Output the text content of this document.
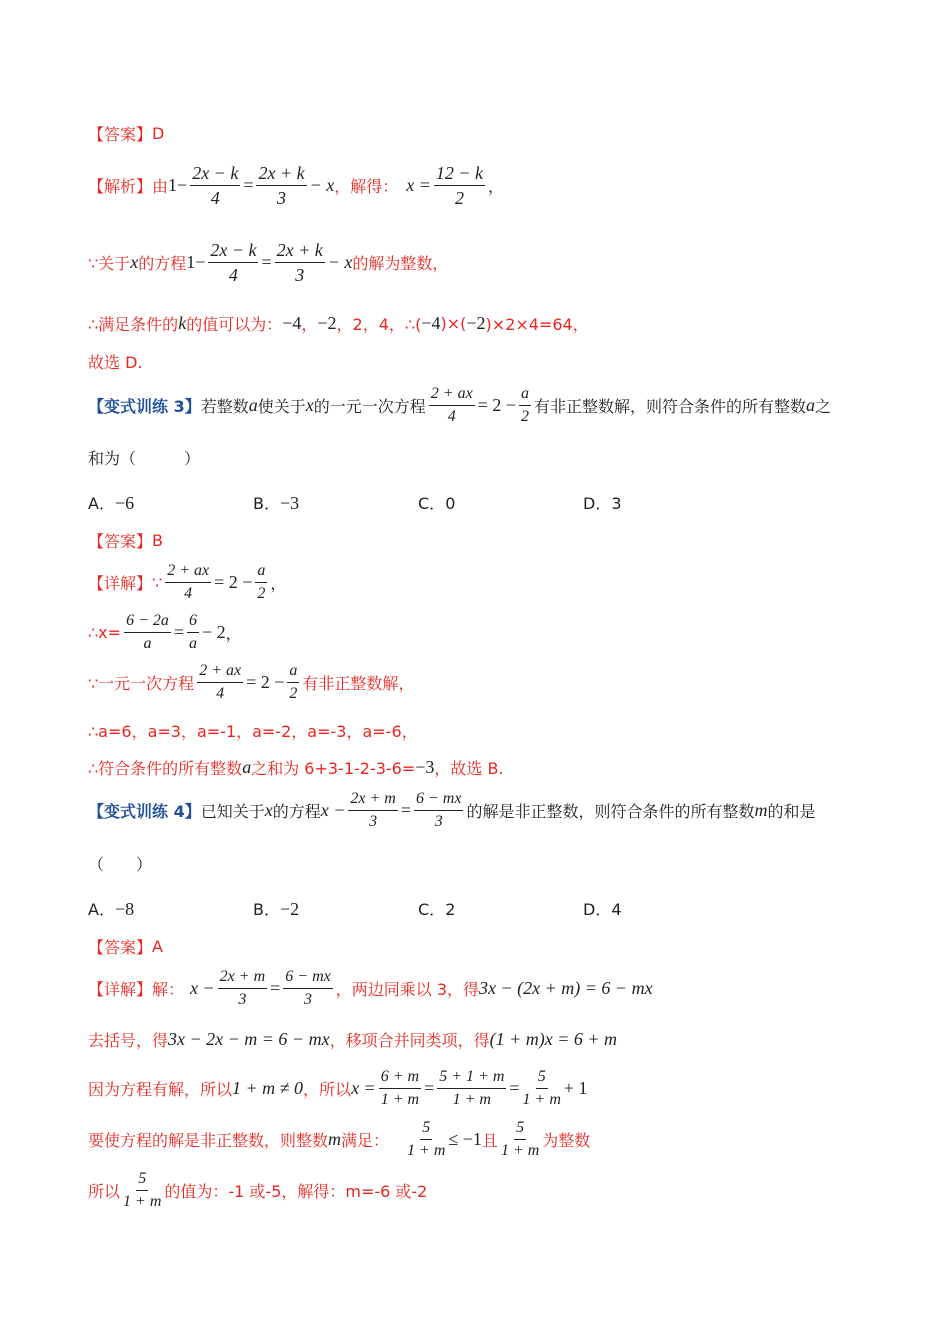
【答案】 D
【解析】 由 $1 - \frac{2x - k}{4} = \frac{2x + k}{3} - x$ ，解得： $x = \frac{12 - k}{2}$ ，
∵关于 x 的方程 $1 - \frac{2x - k}{4} = \frac{2x + k}{3} - x$ 的解为整数，
∴满足条件的 k 的值可以为： −4 ， −2 ， 2，4，∴( −4 )×( −2 )×2×4=64，
故选 D.
【变式训练 3】 若整数 a 使关于 x 的一元一次方程 $\frac{2 + ax}{4} = 2 - \frac{a}{2}$ 有非正整数解，则符合条件的所有整数 a 之
和为（　　　）
A．−6	B．−3	C．0	D．3
【答案】 B
【详解】 ∵ $\frac{2 + ax}{4} = 2 - \frac{a}{2}$ ，
∴x= $\frac{6 - 2a}{a} = \frac{6}{a} - 2$ ，
∵一元一次方程 $\frac{2 + ax}{4} = 2 - \frac{a}{2}$ 有非正整数解，
∴a=6，a=3，a=-1，a=-2，a=-3，a=-6，
∴符合条件的所有整数 a 之和为 6+3-1-2-3-6= −3 ，故选 B.
【变式训练 4】 已知关于 x 的方程 $x - \frac{2x + m}{3} = \frac{6 - mx}{3}$ 的解是非正整数，则符合条件的所有整数 m 的和是
（　　）
A．−8	B．−2	C．2	D．4
【答案】 A
【详解】 解： $x - \frac{2x + m}{3} = \frac{6 - mx}{3}$ ，两边同乘以 3，得 3x − (2x + m) = 6 − mx
去括号，得 3x − 2x − m = 6 − mx ，移项合并同类项，得 (1 + m)x = 6 + m
因为方程有解，所以 1 + m ≠ 0 ，所以 $x = \frac{6 + m}{1 + m} = \frac{5 + 1 + m}{1 + m} = \frac{5}{1 + m} + 1$
要使方程的解是非正整数，则整数 m 满足： $\frac{5}{1 + m} \le -1$ 且 $\frac{5}{1 + m}$ 为整数
所以 $\frac{5}{1 + m}$ 的值为：-1 或-5，解得：m=-6 或-2
